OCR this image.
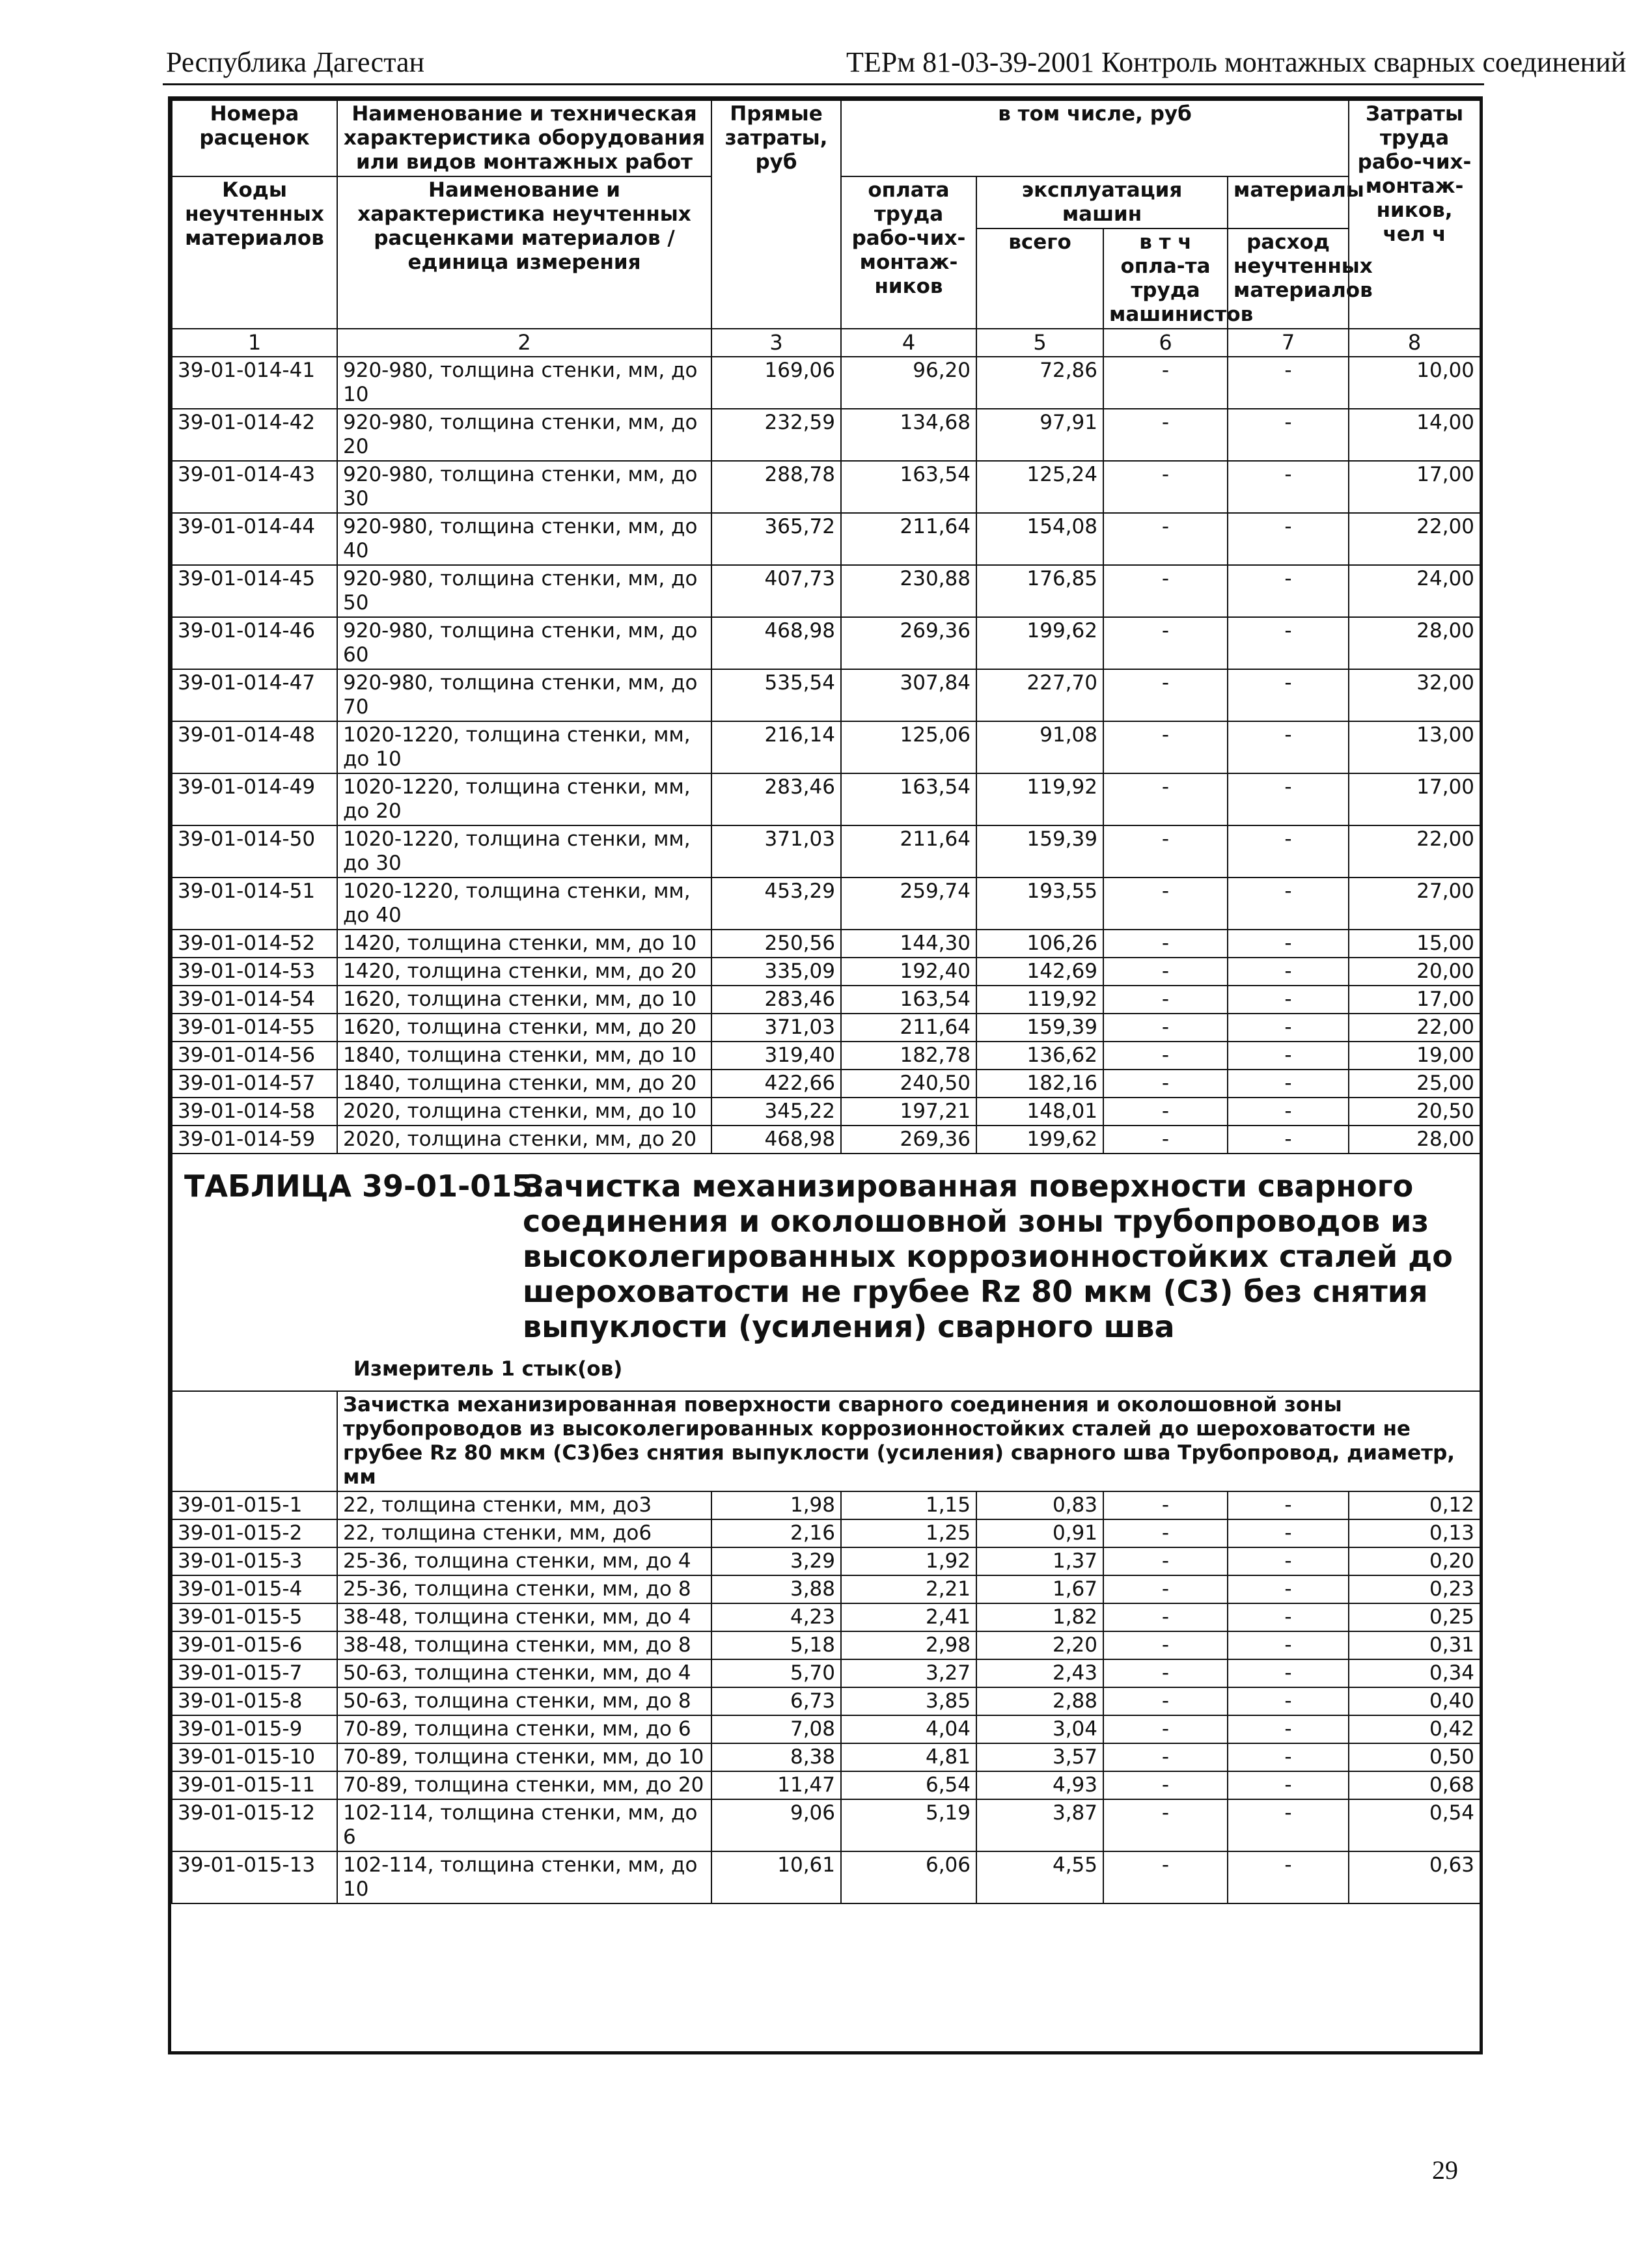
Республика Дагестан	ТЕРм 81-03-39-2001 Контроль монтажных сварных соединений
Номера расценок	Наименование и техническая характеристика оборудования или видов монтажных работ	Прямые затраты, руб	в том числе, руб				Затраты труда рабо-чих-монтаж-ников, чел ч
Коды неучтенных материалов	Наименование и характеристика неучтенных расценками материалов / единица измерения		оплата труда рабо-чих-монтаж-ников	эксплуатация машин		материалы	
				всего	в т ч опла-та труда машинистов	расход неучтенных материалов	
1	2	3	4	5	6	7	8
39-01-014-41	920-980, толщина стенки, мм, до 10	169,06	96,20	72,86	-	-	10,00
39-01-014-42	920-980, толщина стенки, мм, до 20	232,59	134,68	97,91	-	-	14,00
39-01-014-43	920-980, толщина стенки, мм, до 30	288,78	163,54	125,24	-	-	17,00
39-01-014-44	920-980, толщина стенки, мм, до 40	365,72	211,64	154,08	-	-	22,00
39-01-014-45	920-980, толщина стенки, мм, до 50	407,73	230,88	176,85	-	-	24,00
39-01-014-46	920-980, толщина стенки, мм, до 60	468,98	269,36	199,62	-	-	28,00
39-01-014-47	920-980, толщина стенки, мм, до 70	535,54	307,84	227,70	-	-	32,00
39-01-014-48	1020-1220, толщина стенки, мм, до 10	216,14	125,06	91,08	-	-	13,00
39-01-014-49	1020-1220, толщина стенки, мм, до 20	283,46	163,54	119,92	-	-	17,00
39-01-014-50	1020-1220, толщина стенки, мм, до 30	371,03	211,64	159,39	-	-	22,00
39-01-014-51	1020-1220, толщина стенки, мм, до 40	453,29	259,74	193,55	-	-	27,00
39-01-014-52	1420, толщина стенки, мм, до 10	250,56	144,30	106,26	-	-	15,00
39-01-014-53	1420, толщина стенки, мм, до 20	335,09	192,40	142,69	-	-	20,00
39-01-014-54	1620, толщина стенки, мм, до 10	283,46	163,54	119,92	-	-	17,00
39-01-014-55	1620, толщина стенки, мм, до 20	371,03	211,64	159,39	-	-	22,00
39-01-014-56	1840, толщина стенки, мм, до 10	319,40	182,78	136,62	-	-	19,00
39-01-014-57	1840, толщина стенки, мм, до 20	422,66	240,50	182,16	-	-	25,00
39-01-014-58	2020, толщина стенки, мм, до 10	345,22	197,21	148,01	-	-	20,50
39-01-014-59	2020, толщина стенки, мм, до 20	468,98	269,36	199,62	-	-	28,00

ТАБЛИЦА 39-01-015.
Зачистка механизированная поверхности сварного соединения и околошовной зоны трубопроводов из высоколегированных коррозионностойких сталей до шероховатости не грубее Rz 80 мкм (С3) без снятия выпуклости (усиления) сварного шва
Измеритель 1 стык(ов)							

	Зачистка механизированная поверхности сварного соединения и околошовной зоны трубопроводов из высоколегированных коррозионностойких сталей до шероховатости не грубее Rz 80 мкм (С3)без снятия выпуклости (усиления) сварного шва Трубопровод, диаметр, мм						
39-01-015-1	22, толщина стенки, мм, до3	1,98	1,15	0,83	-	-	0,12
39-01-015-2	22, толщина стенки, мм, до6	2,16	1,25	0,91	-	-	0,13
39-01-015-3	25-36, толщина стенки, мм, до 4	3,29	1,92	1,37	-	-	0,20
39-01-015-4	25-36, толщина стенки, мм, до 8	3,88	2,21	1,67	-	-	0,23
39-01-015-5	38-48, толщина стенки, мм, до 4	4,23	2,41	1,82	-	-	0,25
39-01-015-6	38-48, толщина стенки, мм, до 8	5,18	2,98	2,20	-	-	0,31
39-01-015-7	50-63, толщина стенки, мм, до 4	5,70	3,27	2,43	-	-	0,34
39-01-015-8	50-63, толщина стенки, мм, до 8	6,73	3,85	2,88	-	-	0,40
39-01-015-9	70-89, толщина стенки, мм, до 6	7,08	4,04	3,04	-	-	0,42
39-01-015-10	70-89, толщина стенки, мм, до 10	8,38	4,81	3,57	-	-	0,50
39-01-015-11	70-89, толщина стенки, мм, до 20	11,47	6,54	4,93	-	-	0,68
39-01-015-12	102-114, толщина стенки, мм, до 6	9,06	5,19	3,87	-	-	0,54
39-01-015-13	102-114, толщина стенки, мм, до 10	10,61	6,06	4,55	-	-	0,63
29
